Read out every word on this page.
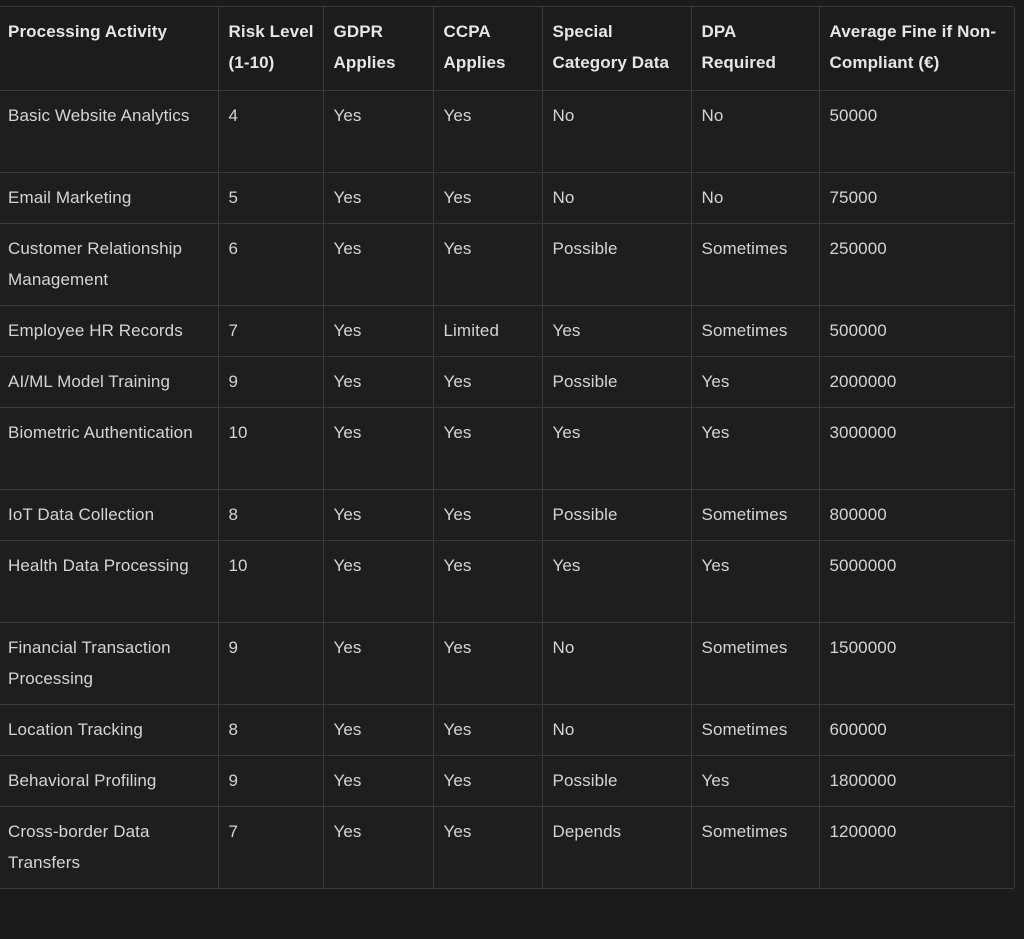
Processing Activity	Risk Level (1-10)	GDPR Applies	CCPA Applies	Special Category Data	DPA Required	Average Fine if Non-Compliant (€)
Basic Website Analytics	4	Yes	Yes	No	No	50000
Email Marketing	5	Yes	Yes	No	No	75000
Customer Relationship Management	6	Yes	Yes	Possible	Sometimes	250000
Employee HR Records	7	Yes	Limited	Yes	Sometimes	500000
AI/ML Model Training	9	Yes	Yes	Possible	Yes	2000000
Biometric Authentication	10	Yes	Yes	Yes	Yes	3000000
IoT Data Collection	8	Yes	Yes	Possible	Sometimes	800000
Health Data Processing	10	Yes	Yes	Yes	Yes	5000000
Financial Transaction Processing	9	Yes	Yes	No	Sometimes	1500000
Location Tracking	8	Yes	Yes	No	Sometimes	600000
Behavioral Profiling	9	Yes	Yes	Possible	Yes	1800000
Cross-border Data Transfers	7	Yes	Yes	Depends	Sometimes	1200000
